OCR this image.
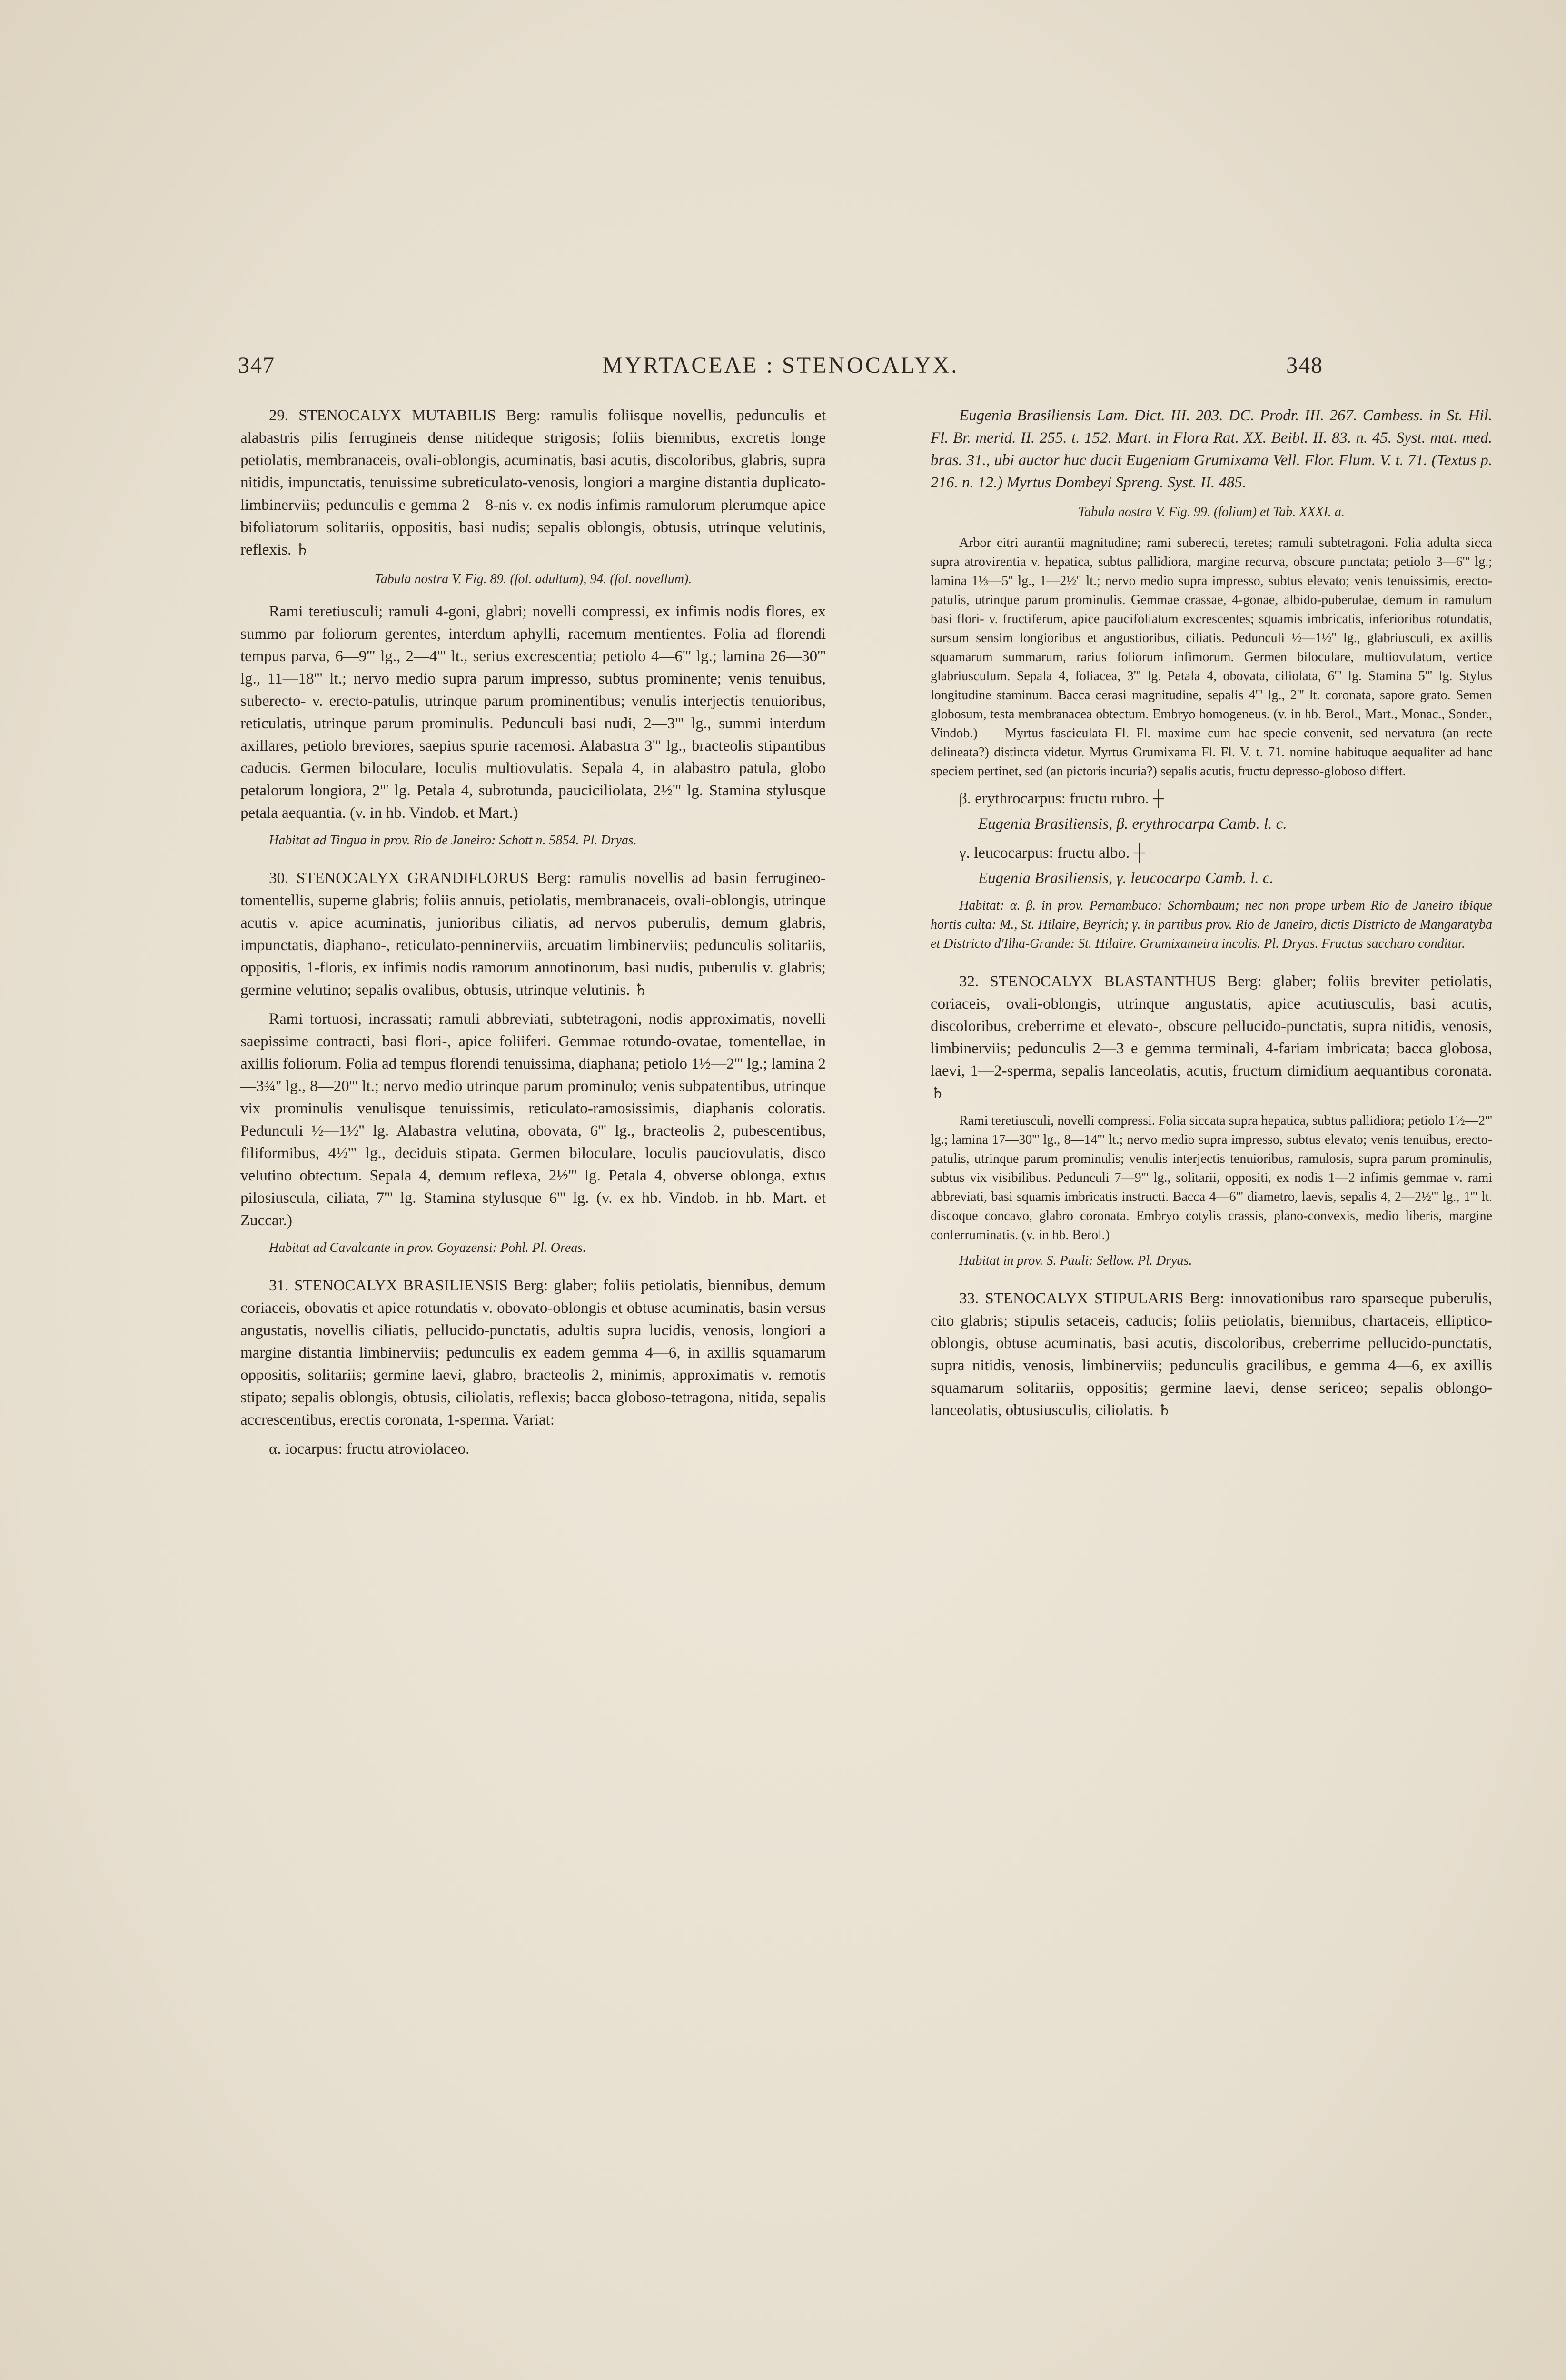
347	MYRTACEAE : STENOCALYX.	348

29. STENOCALYX MUTABILIS Berg: ramulis foliisque novellis, pedunculis et alabastris pilis ferrugineis dense nitideque strigosis; foliis biennibus, excretis longe petiolatis, membranaceis, ovali-oblongis, acuminatis, basi acutis, discoloribus, glabris, supra nitidis, impunctatis, tenuissime subreticulato-venosis, longiori a margine distantia duplicato-limbinerviis; pedunculis e gemma 2—8-nis v. ex nodis infimis ramulorum plerumque apice bifoliatorum solitariis, oppositis, basi nudis; sepalis oblongis, obtusis, utrinque velutinis, reflexis. ♄

Tabula nostra V. Fig. 89. (fol. adultum), 94. (fol. novellum).

Rami teretiusculi; ramuli 4-goni, glabri; novelli compressi, ex infimis nodis flores, ex summo par foliorum gerentes, interdum aphylli, racemum mentientes. Folia ad florendi tempus parva, 6—9''' lg., 2—4''' lt., serius excrescentia; petiolo 4—6''' lg.; lamina 26—30''' lg., 11—18''' lt.; nervo medio supra parum impresso, subtus prominente; venis tenuibus, suberecto- v. erecto-patulis, utrinque parum prominentibus; venulis interjectis tenuioribus, reticulatis, utrinque parum prominulis. Pedunculi basi nudi, 2—3''' lg., summi interdum axillares, petiolo breviores, saepius spurie racemosi. Alabastra 3''' lg., bracteolis stipantibus caducis. Germen biloculare, loculis multiovulatis. Sepala 4, in alabastro patula, globo petalorum longiora, 2''' lg. Petala 4, subrotunda, pauciciliolata, 2½''' lg. Stamina stylusque petala aequantia. (v. in hb. Vindob. et Mart.)

Habitat ad Tingua in prov. Rio de Janeiro: Schott n. 5854. Pl. Dryas.

30. STENOCALYX GRANDIFLORUS Berg: ramulis novellis ad basin ferrugineo-tomentellis, superne glabris; foliis annuis, petiolatis, membranaceis, ovali-oblongis, utrinque acutis v. apice acuminatis, junioribus ciliatis, ad nervos puberulis, demum glabris, impunctatis, diaphano-, reticulato-penninerviis, arcuatim limbinerviis; pedunculis solitariis, oppositis, 1-floris, ex infimis nodis ramorum annotinorum, basi nudis, puberulis v. glabris; germine velutino; sepalis ovalibus, obtusis, utrinque velutinis. ♄

Rami tortuosi, incrassati; ramuli abbreviati, subtetragoni, nodis approximatis, novelli saepissime contracti, basi flori-, apice foliiferi. Gemmae rotundo-ovatae, tomentellae, in axillis foliorum. Folia ad tempus florendi tenuissima, diaphana; petiolo 1½—2''' lg.; lamina 2—3¾'' lg., 8—20''' lt.; nervo medio utrinque parum prominulo; venis subpatentibus, utrinque vix prominulis venulisque tenuissimis, reticulato-ramosissimis, diaphanis coloratis. Pedunculi ½—1½'' lg. Alabastra velutina, obovata, 6''' lg., bracteolis 2, pubescentibus, filiformibus, 4½''' lg., deciduis stipata. Germen biloculare, loculis pauciovulatis, disco velutino obtectum. Sepala 4, demum reflexa, 2½''' lg. Petala 4, obverse oblonga, extus pilosiuscula, ciliata, 7''' lg. Stamina stylusque 6''' lg. (v. ex hb. Vindob. in hb. Mart. et Zuccar.)

Habitat ad Cavalcante in prov. Goyazensi: Pohl. Pl. Oreas.

31. STENOCALYX BRASILIENSIS Berg: glaber; foliis petiolatis, biennibus, demum coriaceis, obovatis et apice rotundatis v. obovato-oblongis et obtuse acuminatis, basin versus angustatis, novellis ciliatis, pellucido-punctatis, adultis supra lucidis, venosis, longiori a margine distantia limbinerviis; pedunculis ex eadem gemma 4—6, in axillis squamarum oppositis, solitariis; germine laevi, glabro, bracteolis 2, minimis, approximatis v. remotis stipato; sepalis oblongis, obtusis, ciliolatis, reflexis; bacca globoso-tetragona, nitida, sepalis accrescentibus, erectis coronata, 1-sperma. Variat:

α. iocarpus: fructu atroviolaceo.

Eugenia Brasiliensis Lam. Dict. III. 203. DC. Prodr. III. 267. Cambess. in St. Hil. Fl. Br. merid. II. 255. t. 152. Mart. in Flora Rat. XX. Beibl. II. 83. n. 45. Syst. mat. med. bras. 31., ubi auctor huc ducit Eugeniam Grumixama Vell. Flor. Flum. V. t. 71. (Textus p. 216. n. 12.) Myrtus Dombeyi Spreng. Syst. II. 485.

Tabula nostra V. Fig. 99. (folium) et Tab. XXXI. a.

Arbor citri aurantii magnitudine; rami suberecti, teretes; ramuli subtetragoni. Folia adulta sicca supra atrovirentia v. hepatica, subtus pallidiora, margine recurva, obscure punctata; petiolo 3—6''' lg.; lamina 1⅓—5'' lg., 1—2½'' lt.; nervo medio supra impresso, subtus elevato; venis tenuissimis, erecto-patulis, utrinque parum prominulis. Gemmae crassae, 4-gonae, albido-puberulae, demum in ramulum basi flori- v. fructiferum, apice paucifoliatum excrescentes; squamis imbricatis, inferioribus rotundatis, sursum sensim longioribus et angustioribus, ciliatis. Pedunculi ½—1½'' lg., glabriusculi, ex axillis squamarum summarum, rarius foliorum infimorum. Germen biloculare, multiovulatum, vertice glabriusculum. Sepala 4, foliacea, 3''' lg. Petala 4, obovata, ciliolata, 6''' lg. Stamina 5''' lg. Stylus longitudine staminum. Bacca cerasi magnitudine, sepalis 4''' lg., 2''' lt. coronata, sapore grato. Semen globosum, testa membranacea obtectum. Embryo homogeneus. (v. in hb. Berol., Mart., Monac., Sonder., Vindob.) — Myrtus fasciculata Fl. Fl. maxime cum hac specie convenit, sed nervatura (an recte delineata?) distincta videtur. Myrtus Grumixama Fl. Fl. V. t. 71. nomine habituque aequaliter ad hanc speciem pertinet, sed (an pictoris incuria?) sepalis acutis, fructu depresso-globoso differt.

β. erythrocarpus: fructu rubro. ┼

Eugenia Brasiliensis, β. erythrocarpa Camb. l. c.

γ. leucocarpus: fructu albo. ┼

Eugenia Brasiliensis, γ. leucocarpa Camb. l. c.

Habitat: α. β. in prov. Pernambuco: Schornbaum; nec non prope urbem Rio de Janeiro ibique hortis culta: M., St. Hilaire, Beyrich; γ. in partibus prov. Rio de Janeiro, dictis Districto de Mangaratyba et Districto d'Ilha-Grande: St. Hilaire. Grumixameira incolis. Pl. Dryas. Fructus saccharo conditur.

32. STENOCALYX BLASTANTHUS Berg: glaber; foliis breviter petiolatis, coriaceis, ovali-oblongis, utrinque angustatis, apice acutiusculis, basi acutis, discoloribus, creberrime et elevato-, obscure pellucido-punctatis, supra nitidis, venosis, limbinerviis; pedunculis 2—3 e gemma terminali, 4-fariam imbricata; bacca globosa, laevi, 1—2-sperma, sepalis lanceolatis, acutis, fructum dimidium aequantibus coronata. ♄

Rami teretiusculi, novelli compressi. Folia siccata supra hepatica, subtus pallidiora; petiolo 1½—2''' lg.; lamina 17—30''' lg., 8—14''' lt.; nervo medio supra impresso, subtus elevato; venis tenuibus, erecto-patulis, utrinque parum prominulis; venulis interjectis tenuioribus, ramulosis, supra parum prominulis, subtus vix visibilibus. Pedunculi 7—9''' lg., solitarii, oppositi, ex nodis 1—2 infimis gemmae v. rami abbreviati, basi squamis imbricatis instructi. Bacca 4—6''' diametro, laevis, sepalis 4, 2—2½''' lg., 1''' lt. discoque concavo, glabro coronata. Embryo cotylis crassis, plano-convexis, medio liberis, margine conferruminatis. (v. in hb. Berol.)

Habitat in prov. S. Pauli: Sellow. Pl. Dryas.

33. STENOCALYX STIPULARIS Berg: innovationibus raro sparseque puberulis, cito glabris; stipulis setaceis, caducis; foliis petiolatis, biennibus, chartaceis, elliptico-oblongis, obtuse acuminatis, basi acutis, discoloribus, creberrime pellucido-punctatis, supra nitidis, venosis, limbinerviis; pedunculis gracilibus, e gemma 4—6, ex axillis squamarum solitariis, oppositis; germine laevi, dense sericeo; sepalis oblongo-lanceolatis, obtusiusculis, ciliolatis. ♄
